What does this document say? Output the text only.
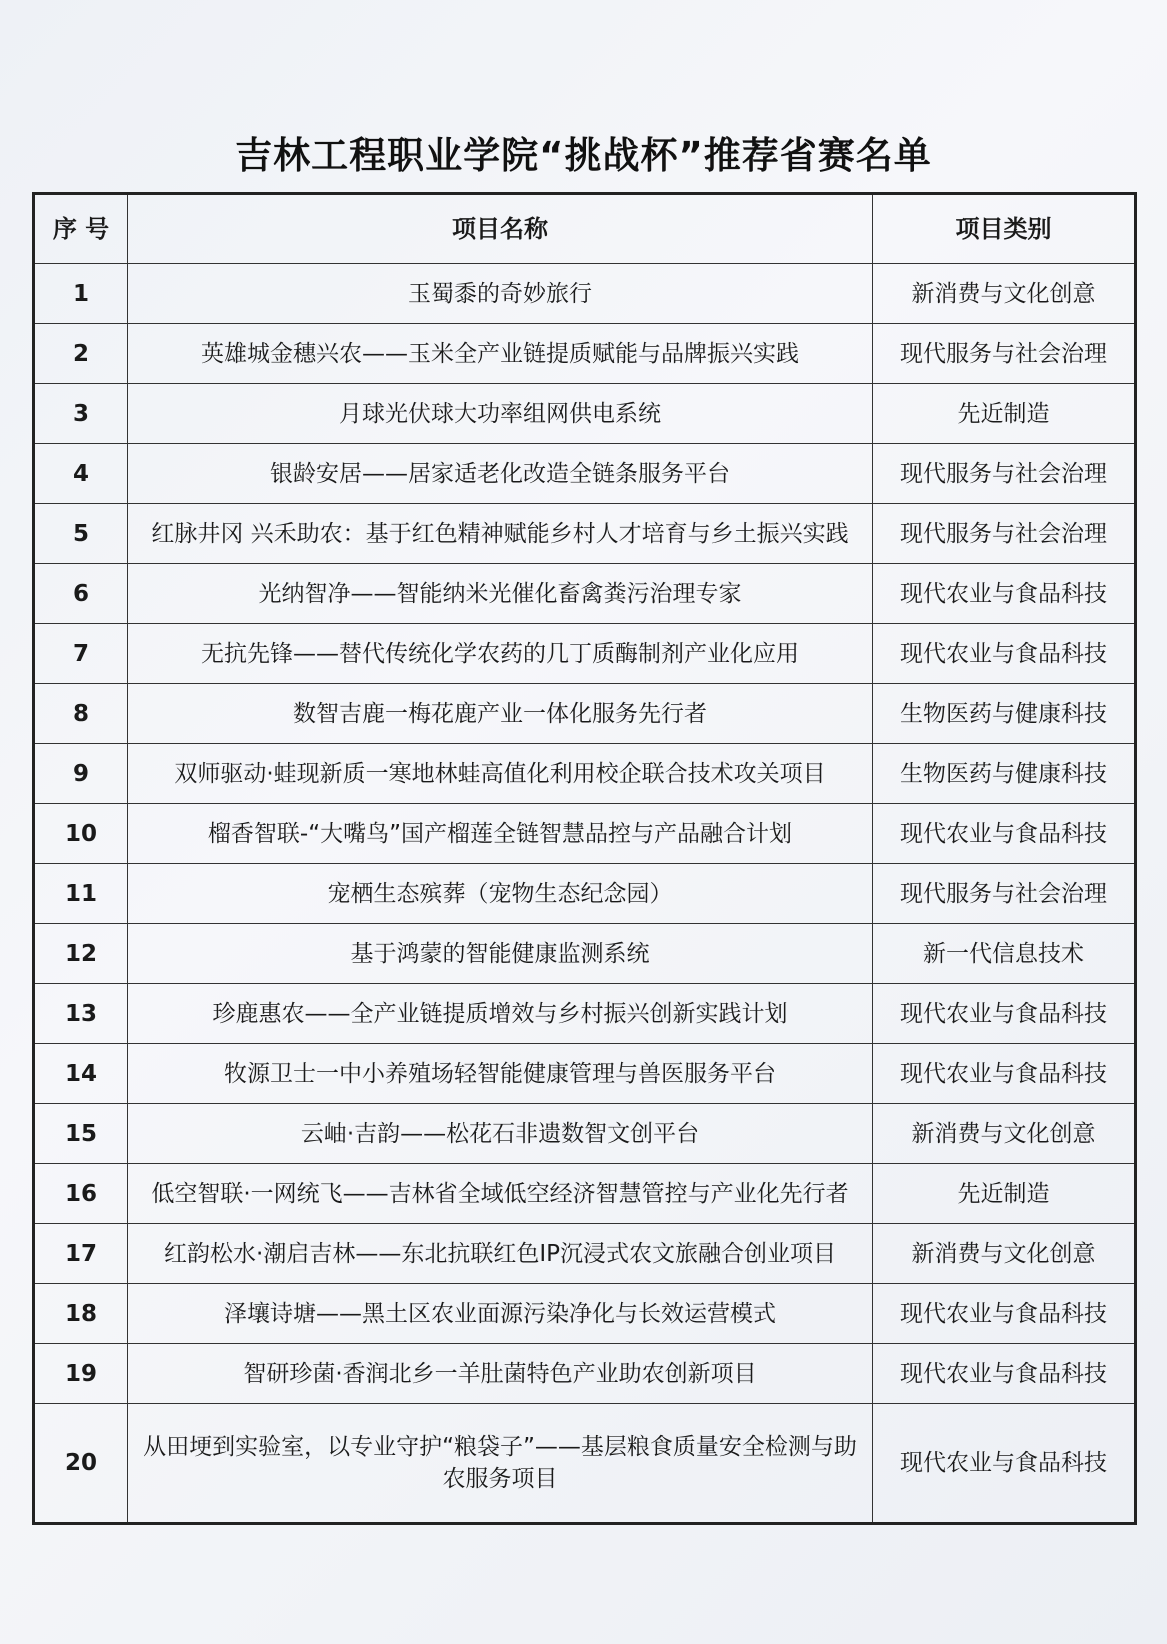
吉林工程职业学院“挑战杯”推荐省赛名单
序 号	项目名称	项目类别
1	玉蜀黍的奇妙旅行	新消费与文化创意
2	英雄城金穗兴农——玉米全产业链提质赋能与品牌振兴实践	现代服务与社会治理
3	月球光伏球大功率组网供电系统	先近制造
4	银龄安居——居家适老化改造全链条服务平台	现代服务与社会治理
5	红脉井冈 兴禾助农：基于红色精神赋能乡村人才培育与乡土振兴实践	现代服务与社会治理
6	光纳智净——智能纳米光催化畜禽粪污治理专家	现代农业与食品科技
7	无抗先锋——替代传统化学农药的几丁质酶制剂产业化应用	现代农业与食品科技
8	数智吉鹿一梅花鹿产业一体化服务先行者	生物医药与健康科技
9	双师驱动·蛙现新质一寒地林蛙高值化利用校企联合技术攻关项目	生物医药与健康科技
10	榴香智联-“大嘴鸟”国产榴莲全链智慧品控与产品融合计划	现代农业与食品科技
11	宠栖生态殡葬（宠物生态纪念园）	现代服务与社会治理
12	基于鸿蒙的智能健康监测系统	新一代信息技术
13	珍鹿惠农——全产业链提质增效与乡村振兴创新实践计划	现代农业与食品科技
14	牧源卫士一中小养殖场轻智能健康管理与兽医服务平台	现代农业与食品科技
15	云岫·吉韵——松花石非遗数智文创平台	新消费与文化创意
16	低空智联·一网统飞——吉林省全域低空经济智慧管控与产业化先行者	先近制造
17	红韵松水·潮启吉林——东北抗联红色IP沉浸式农文旅融合创业项目	新消费与文化创意
18	泽壤诗塘——黑土区农业面源污染净化与长效运营模式	现代农业与食品科技
19	智研珍菌·香润北乡一羊肚菌特色产业助农创新项目	现代农业与食品科技
20	从田埂到实验室，以专业守护“粮袋子”——基层粮食质量安全检测与助农服务项目	现代农业与食品科技
